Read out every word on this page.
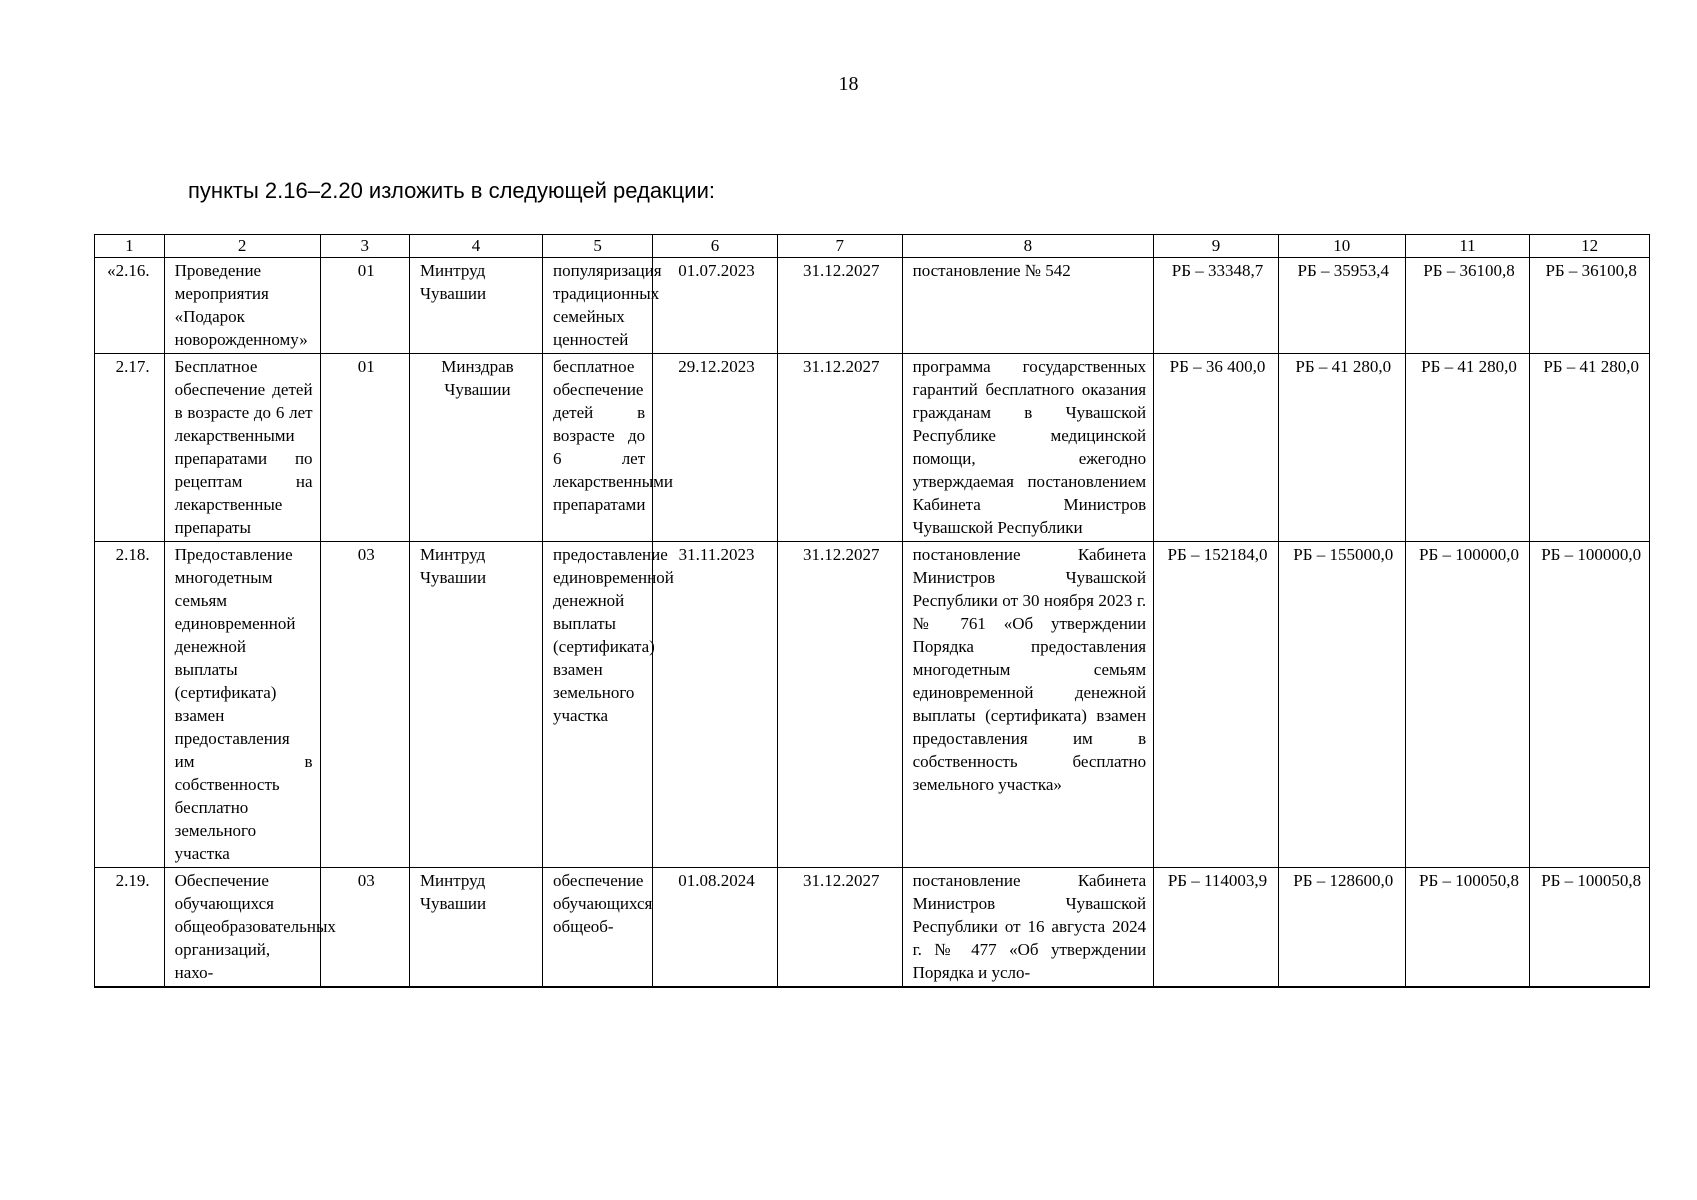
18
пункты 2.16–2.20 изложить в следующей редакции:
1	2	3	4	5	6	7	8	9	10	11	12
«2.16.	Проведение мероприятия «Подарок новорожденному»	01	Минтруд Чувашии	популяризация традиционных семейных ценностей	01.07.2023	31.12.2027	постановление № 542	РБ – 33348,7	РБ – 35953,4	РБ – 36100,8	РБ – 36100,8
2.17.	Бесплатное обеспечение детей в возрасте до 6 лет лекарственными препаратами по рецептам на лекарственные препараты	01	Минздрав Чувашии	бесплатное обеспечение детей в возрасте до 6 лет лекарственными препаратами	29.12.2023	31.12.2027	программа государственных гарантий бесплатного оказания гражданам в Чувашской Республике медицинской помощи, ежегодно утверждаемая постановлением Кабинета Министров Чувашской Республики	РБ – 36 400,0	РБ – 41 280,0	РБ – 41 280,0	РБ – 41 280,0
2.18.	Предоставление многодетным семьям единовременной денежной выплаты (сертификата) взамен предоставления им в собственность бесплатно земельного участка	03	Минтруд Чувашии	предоставление единовременной денежной выплаты (сертификата) взамен земельного участка	31.11.2023	31.12.2027	постановление Кабинета Министров Чувашской Республики от 30 ноября 2023 г. № 761 «Об утверждении Порядка предоставления многодетным семьям единовременной денежной выплаты (сертификата) взамен предоставления им в собственность бесплатно земельного участка»	РБ – 152184,0	РБ – 155000,0	РБ – 100000,0	РБ – 100000,0
2.19.	Обеспечение обучающихся общеобразовательных организаций, нахо-	03	Минтруд Чувашии	обеспечение обучающихся общеоб-	01.08.2024	31.12.2027	постановление Кабинета Министров Чувашской Республики от 16 августа 2024 г. № 477 «Об утверждении Порядка и усло-	РБ – 114003,9	РБ – 128600,0	РБ – 100050,8	РБ – 100050,8
